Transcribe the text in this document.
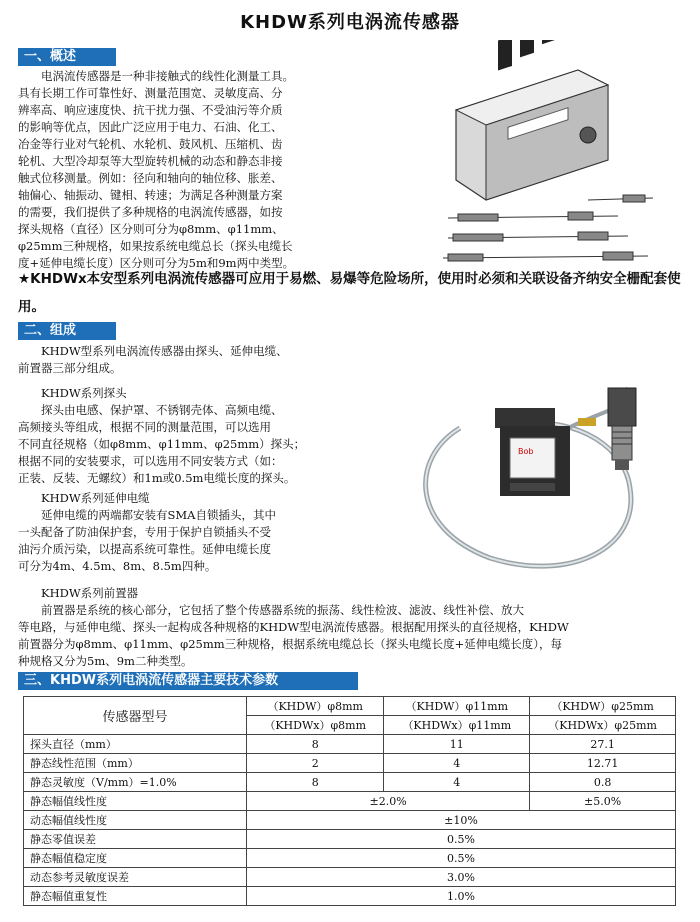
KHDW系列电涡流传感器
一、概述

电涡流传感器是一种非接触式的线性化测量工具。

具有长期工作可靠性好、测量范围宽、灵敏度高、分

辨率高、响应速度快、抗干扰力强、不受油污等介质

的影响等优点，因此广泛应用于电力、石油、化工、

冶金等行业对气轮机、水轮机、鼓风机、压缩机、齿

轮机、大型冷却泵等大型旋转机械的动态和静态非接

触式位移测量。例如：径向和轴向的轴位移、胀差、

轴偏心、轴振动、键相、转速；为满足各种测量方案

的需要，我们提供了多种规格的电涡流传感器，如按

探头规格（直径）区分则可分为φ8mm、φ11mm、

φ25mm三种规格，如果按系统电缆总长（探头电缆长

度+延伸电缆长度）区分则可分为5m和9m两中类型。

★KHDWx本安型系列电涡流传感器可应用于易燃、易爆等危险场所，使用时必须和关联设备齐纳安全栅配套使用。
二、组成

KHDW型系列电涡流传感器由探头、延伸电缆、

前置器三部分组成。

KHDW系列探头

探头由电感、保护罩、不锈钢壳体、高频电缆、

高频接头等组成，根据不同的测量范围，可以选用

不同直径规格（如φ8mm、φ11mm、φ25mm）探头；

根据不同的安装要求，可以选用不同安装方式（如：

正装、反装、无螺纹）和1m或0.5m电缆长度的探头。

KHDW系列延伸电缆

延伸电缆的两端都安装有SMA自锁插头，其中

一头配备了防油保护套，专用于保护自锁插头不受

油污介质污染，以提高系统可靠性。延伸电缆长度

可分为4m、4.5m、8m、8.5m四种。

Bob

KHDW系列前置器

前置器是系统的核心部分，它包括了整个传感器系统的振荡、线性检波、滤波、线性补偿、放大

等电路，与延伸电缆、探头一起构成各种规格的KHDW型电涡流传感器。根据配用探头的直径规格，KHDW

前置器分为φ8mm、φ11mm、φ25mm三种规格，根据系统电缆总长（探头电缆长度+延伸电缆长度），每

种规格又分为5m、9m二种类型。

三、KHDW系列电涡流传感器主要技术参数
传感器型号	（KHDW）φ8mm	（KHDW）φ11mm	（KHDW）φ25mm
	（KHDWx）φ8mm	（KHDWx）φ11mm	（KHDWx）φ25mm
探头直径（mm）	8	11	27.1
静态线性范围（mm）	2	4	12.71
静态灵敏度（V/mm）=1.0%	8	4	0.8
静态幅值线性度	±2.0%		±5.0%
动态幅值线性度	±10%		
静态零值误差	0.5%		
静态幅值稳定度	0.5%		
动态参考灵敏度误差	3.0%		
静态幅值重复性	1.0%		
